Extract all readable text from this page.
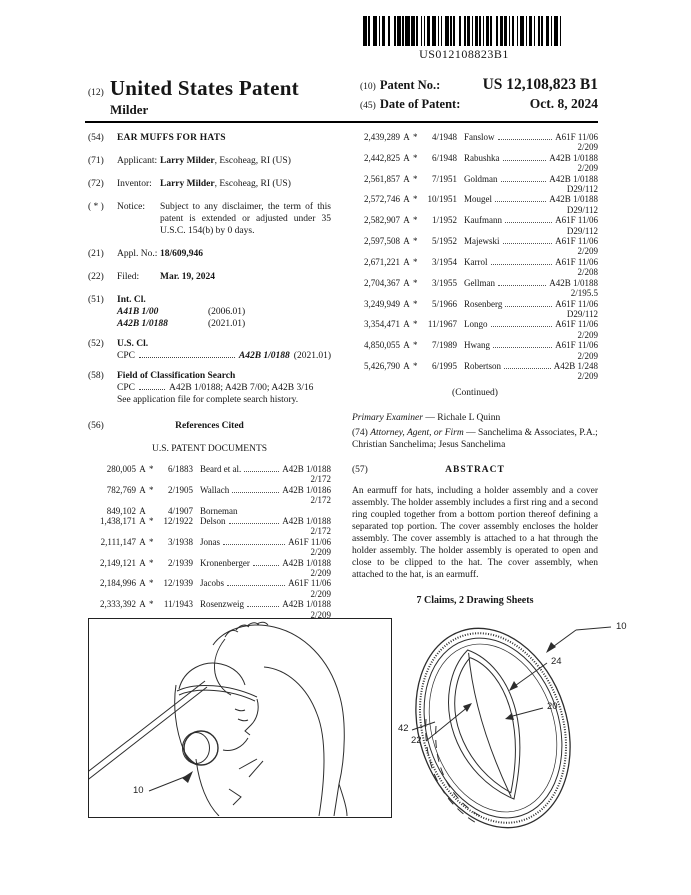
US012108823B1
(12) United States Patent
Milder
(10) Patent No.:	US 12,108,823 B1
(45) Date of Patent:	Oct. 8, 2024
(54)	EAR MUFFS FOR HATS
(71)	Applicant: Larry Milder, Escoheag, RI (US)
(72)	Inventor: Larry Milder, Escoheag, RI (US)
( * )	Notice:	Subject to any disclaimer, the term of this patent is extended or adjusted under 35 U.S.C. 154(b) by 0 days.
(21)	Appl. No.: 18/609,946
(22)	Filed:	Mar. 19, 2024
(51)	Int. Cl.
A41B 1/00	(2006.01)
A42B 1/0188	(2021.01)
(52)	U.S. Cl.
CPC	A42B 1/0188 (2021.01)
(58)	Field of Classification Search
CPC	A42B 1/0188; A42B 7/00; A42B 3/16
See application file for complete search history.
(56)	References Cited
U.S. PATENT DOCUMENTS
280,005 A *	6/1883 Beard et al.	A42B 1/0188
2/172
782,769 A *	2/1905 Wallach	A42B 1/0186
2/172
849,102 A	4/1907 Borneman
1,438,171 A *	12/1922 Delson	A42B 1/0188
2/172
2,111,147 A *	3/1938 Jonas	A61F 11/06
2/209
2,149,121 A *	2/1939 Kronenberger	A42B 1/0188
2/209
2,184,996 A *	12/1939 Jacobs	A61F 11/06
2/209
2,333,392 A *	11/1943 Rosenzweig	A42B 1/0188
2/209
2,439,289 A *	4/1948 Fanslow	A61F 11/06
2/209
2,442,825 A *	6/1948 Rabushka	A42B 1/0188
2/209
2,561,857 A *	7/1951 Goldman	A42B 1/0188
D29/112
2,572,746 A *	10/1951 Mougel	A42B 1/0188
D29/112
2,582,907 A *	1/1952 Kaufmann	A61F 11/06
D29/112
2,597,508 A *	5/1952 Majewski	A61F 11/06
2/209
2,671,221 A *	3/1954 Karrol	A61F 11/06
2/208
2,704,367 A *	3/1955 Gellman	A42B 1/0188
2/195.5
3,249,949 A *	5/1966 Rosenberg	A61F 11/06
D29/112
3,354,471 A *	11/1967 Longo	A61F 11/06
2/209
4,850,055 A *	7/1989 Hwang	A61F 11/06
2/209
5,426,790 A *	6/1995 Robertson	A42B 1/248
2/209
(Continued)
Primary Examiner — Richale L Quinn
(74) Attorney, Agent, or Firm — Sanchelima & Associates, P.A.; Christian Sanchelima; Jesus Sanchelima
(57)	ABSTRACT
An earmuff for hats, including a holder assembly and a cover assembly. The holder assembly includes a first ring and a second ring coupled together from a bottom portion thereof defining a separated top portion. The cover assembly encloses the holder assembly. The cover assembly is attached to a hat through the holder assembly. The holder assembly is operated to open and close to be clipped to the hat. The cover assembly, when attached to the hat, is an earmuff.
7 Claims, 2 Drawing Sheets
10
10
24
20
42
22
